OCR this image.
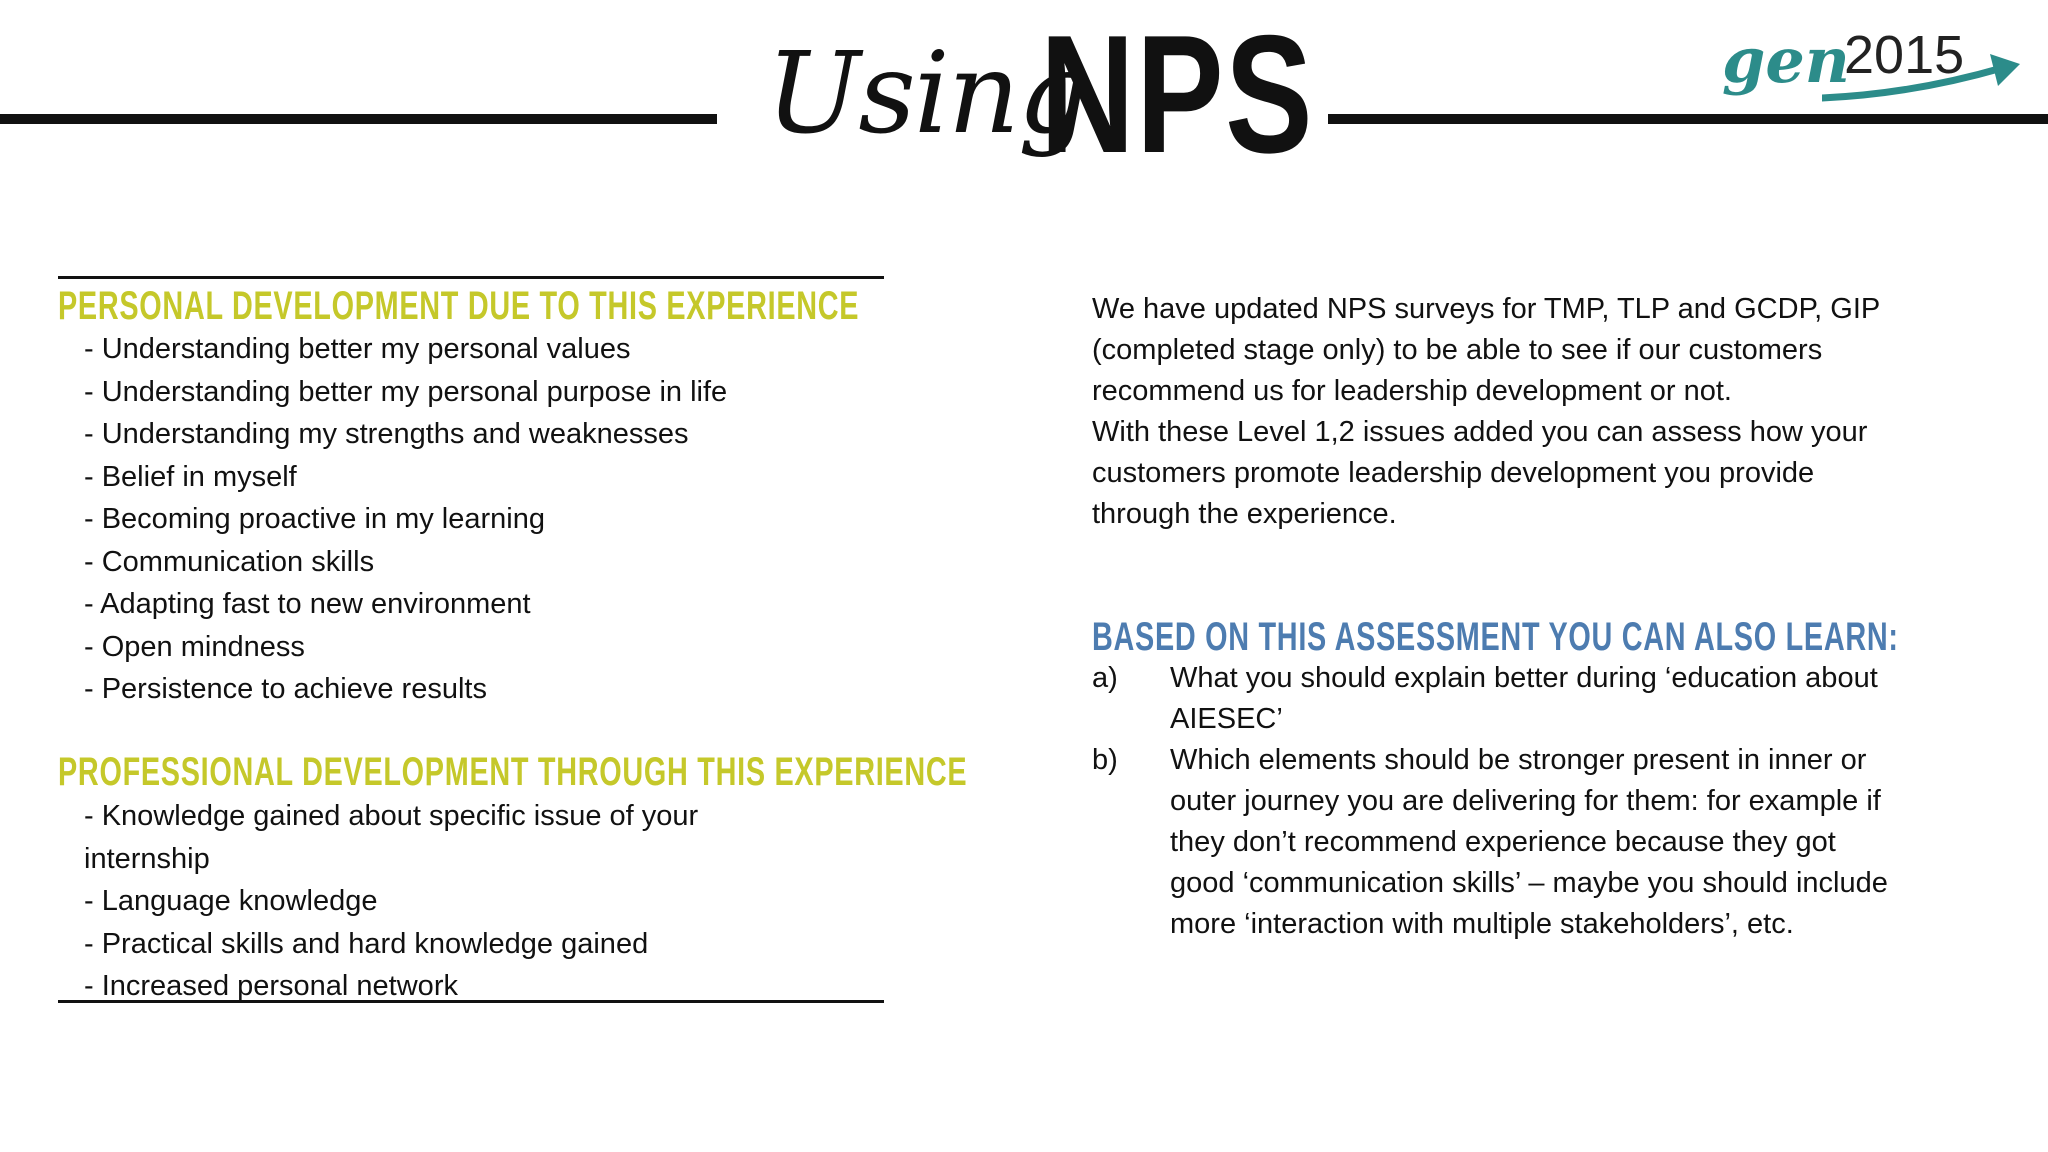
Using
NPS	gen
2015
PERSONAL DEVELOPMENT DUE TO THIS EXPERIENCE
- Understanding better my personal values
- Understanding better my personal purpose in life
- Understanding my strengths and weaknesses
- Belief in myself
- Becoming proactive in my learning
- Communication skills
- Adapting fast to new environment
- Open mindness
- Persistence to achieve results
PROFESSIONAL DEVELOPMENT THROUGH THIS EXPERIENCE
- Knowledge gained about specific issue of your internship
- Language knowledge
- Practical skills and hard knowledge gained
- Increased personal network

We have updated NPS surveys for TMP, TLP and GCDP, GIP (completed stage only) to be able to see if our customers recommend us for leadership development or not.

With these Level 1,2 issues added you can assess how your customers promote leadership development you provide through the experience.

BASED ON THIS ASSESSMENT YOU CAN ALSO LEARN:
a) What you should explain better during ‘education about AIESEC’
b) Which elements should be stronger present in inner or outer journey you are delivering for them: for example if they don’t recommend experience because they got good ‘communication skills’ – maybe you should include more ‘interaction with multiple stakeholders’, etc.
